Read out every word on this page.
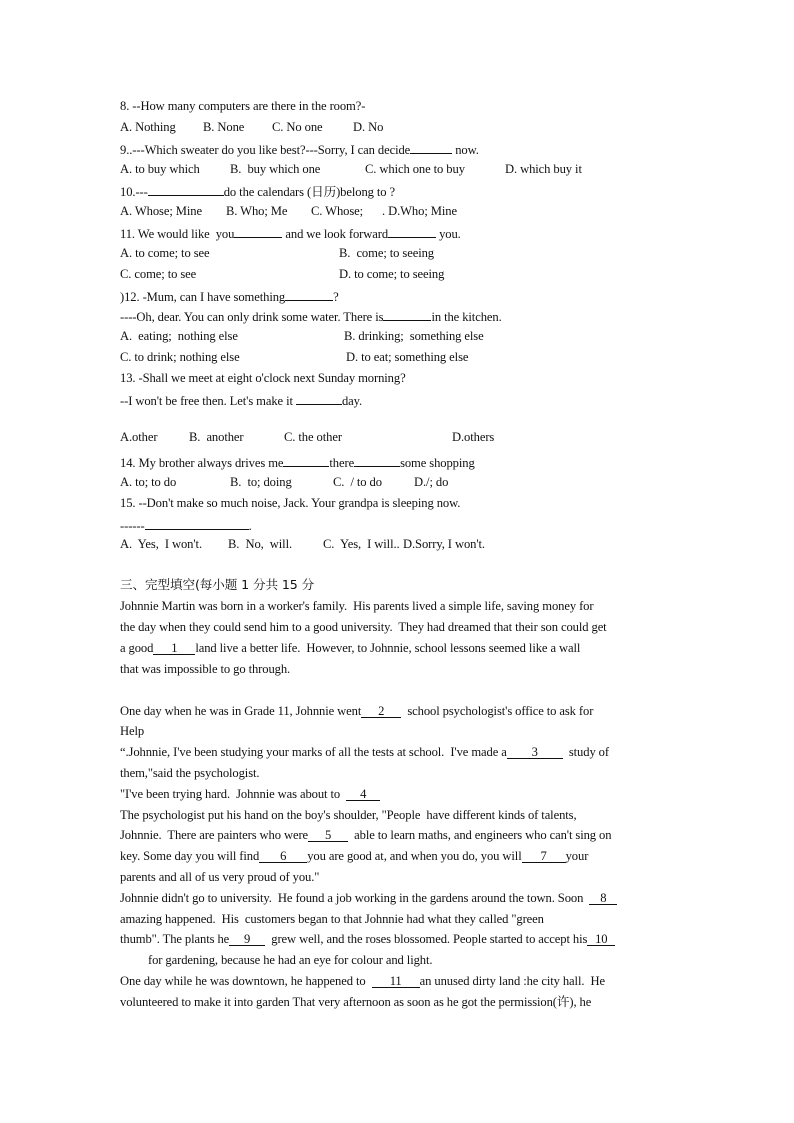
8. --How many computers are there in the room?-
A. Nothing B. None C. No one D. No
9..---Which sweater do you like best?---Sorry, I can decide	now.
A. to buy which B.  buy which one	C. which one to buy	D. which buy it
10.---	do the calendars (日历)belong to ?
A. Whose; Mine B. Who; Me C. Whose; . D.Who; Mine
11. We would like  you	and we look forward	you.
A. to come; to see	B.  come; to seeing
C. come; to see	D. to come; to seeing
)12. -Mum, can I have something	?
----Oh, dear. You can only drink some water. There is	in the kitchen.
A.  eating;  nothing else	B. drinking;  something else
C. to drink; nothing else	D. to eat; something else
13. -Shall we meet at eight o'clock next Sunday morning?
--I won't be free then. Let's make it	day.
A.other	B.  another	C. the other	D.others
14. My brother always drives me	there	some shopping
A. to; to do	B.  to; doing	C.  / to do	D./; do
15. --Don't make so much noise, Jack. Your grandpa is sleeping now.
------	.
A.  Yes,  I won't. B.  No,  will. C.  Yes,  I will.. D.Sorry, I won't.
三、完型填空(每小题 1 分共 15 分
Johnnie Martin was born in a worker's family.  His parents lived a simple life, saving money for
the day when they could send him to a good university.  They had dreamed that their son could get
a good 1 land live a better life.  However, to Johnnie, school lessons seemed like a wall
that was impossible to go through.
One day when he was in Grade 11, Johnnie went 2  school psychologist's office to ask for
Help
“.Johnnie, I've been studying your marks of all the tests at school.  I've made a 3  study of
them,"said the psychologist.
"I've been trying hard.  Johnnie was about to  4
The psychologist put his hand on the boy's shoulder, "People  have different kinds of talents,
Johnnie.  There are painters who were 5  able to learn maths, and engineers who can't sing on
key. Some day you will find 6 you are good at, and when you do, you will 7 your
parents and all of us very proud of you."
Johnnie didn't go to university.  He found a job working in the gardens around the town. Soon  8
amazing happened.  His  customers began to that Johnnie had what they called "green
thumb". The plants he 9  grew well, and the roses blossomed. People started to accept his 10
for gardening, because he had an eye for colour and light.
One day while he was downtown, he happened to  11 an unused dirty land :he city hall.  He
volunteered to make it into garden That very afternoon as soon as he got the permission(许), he
